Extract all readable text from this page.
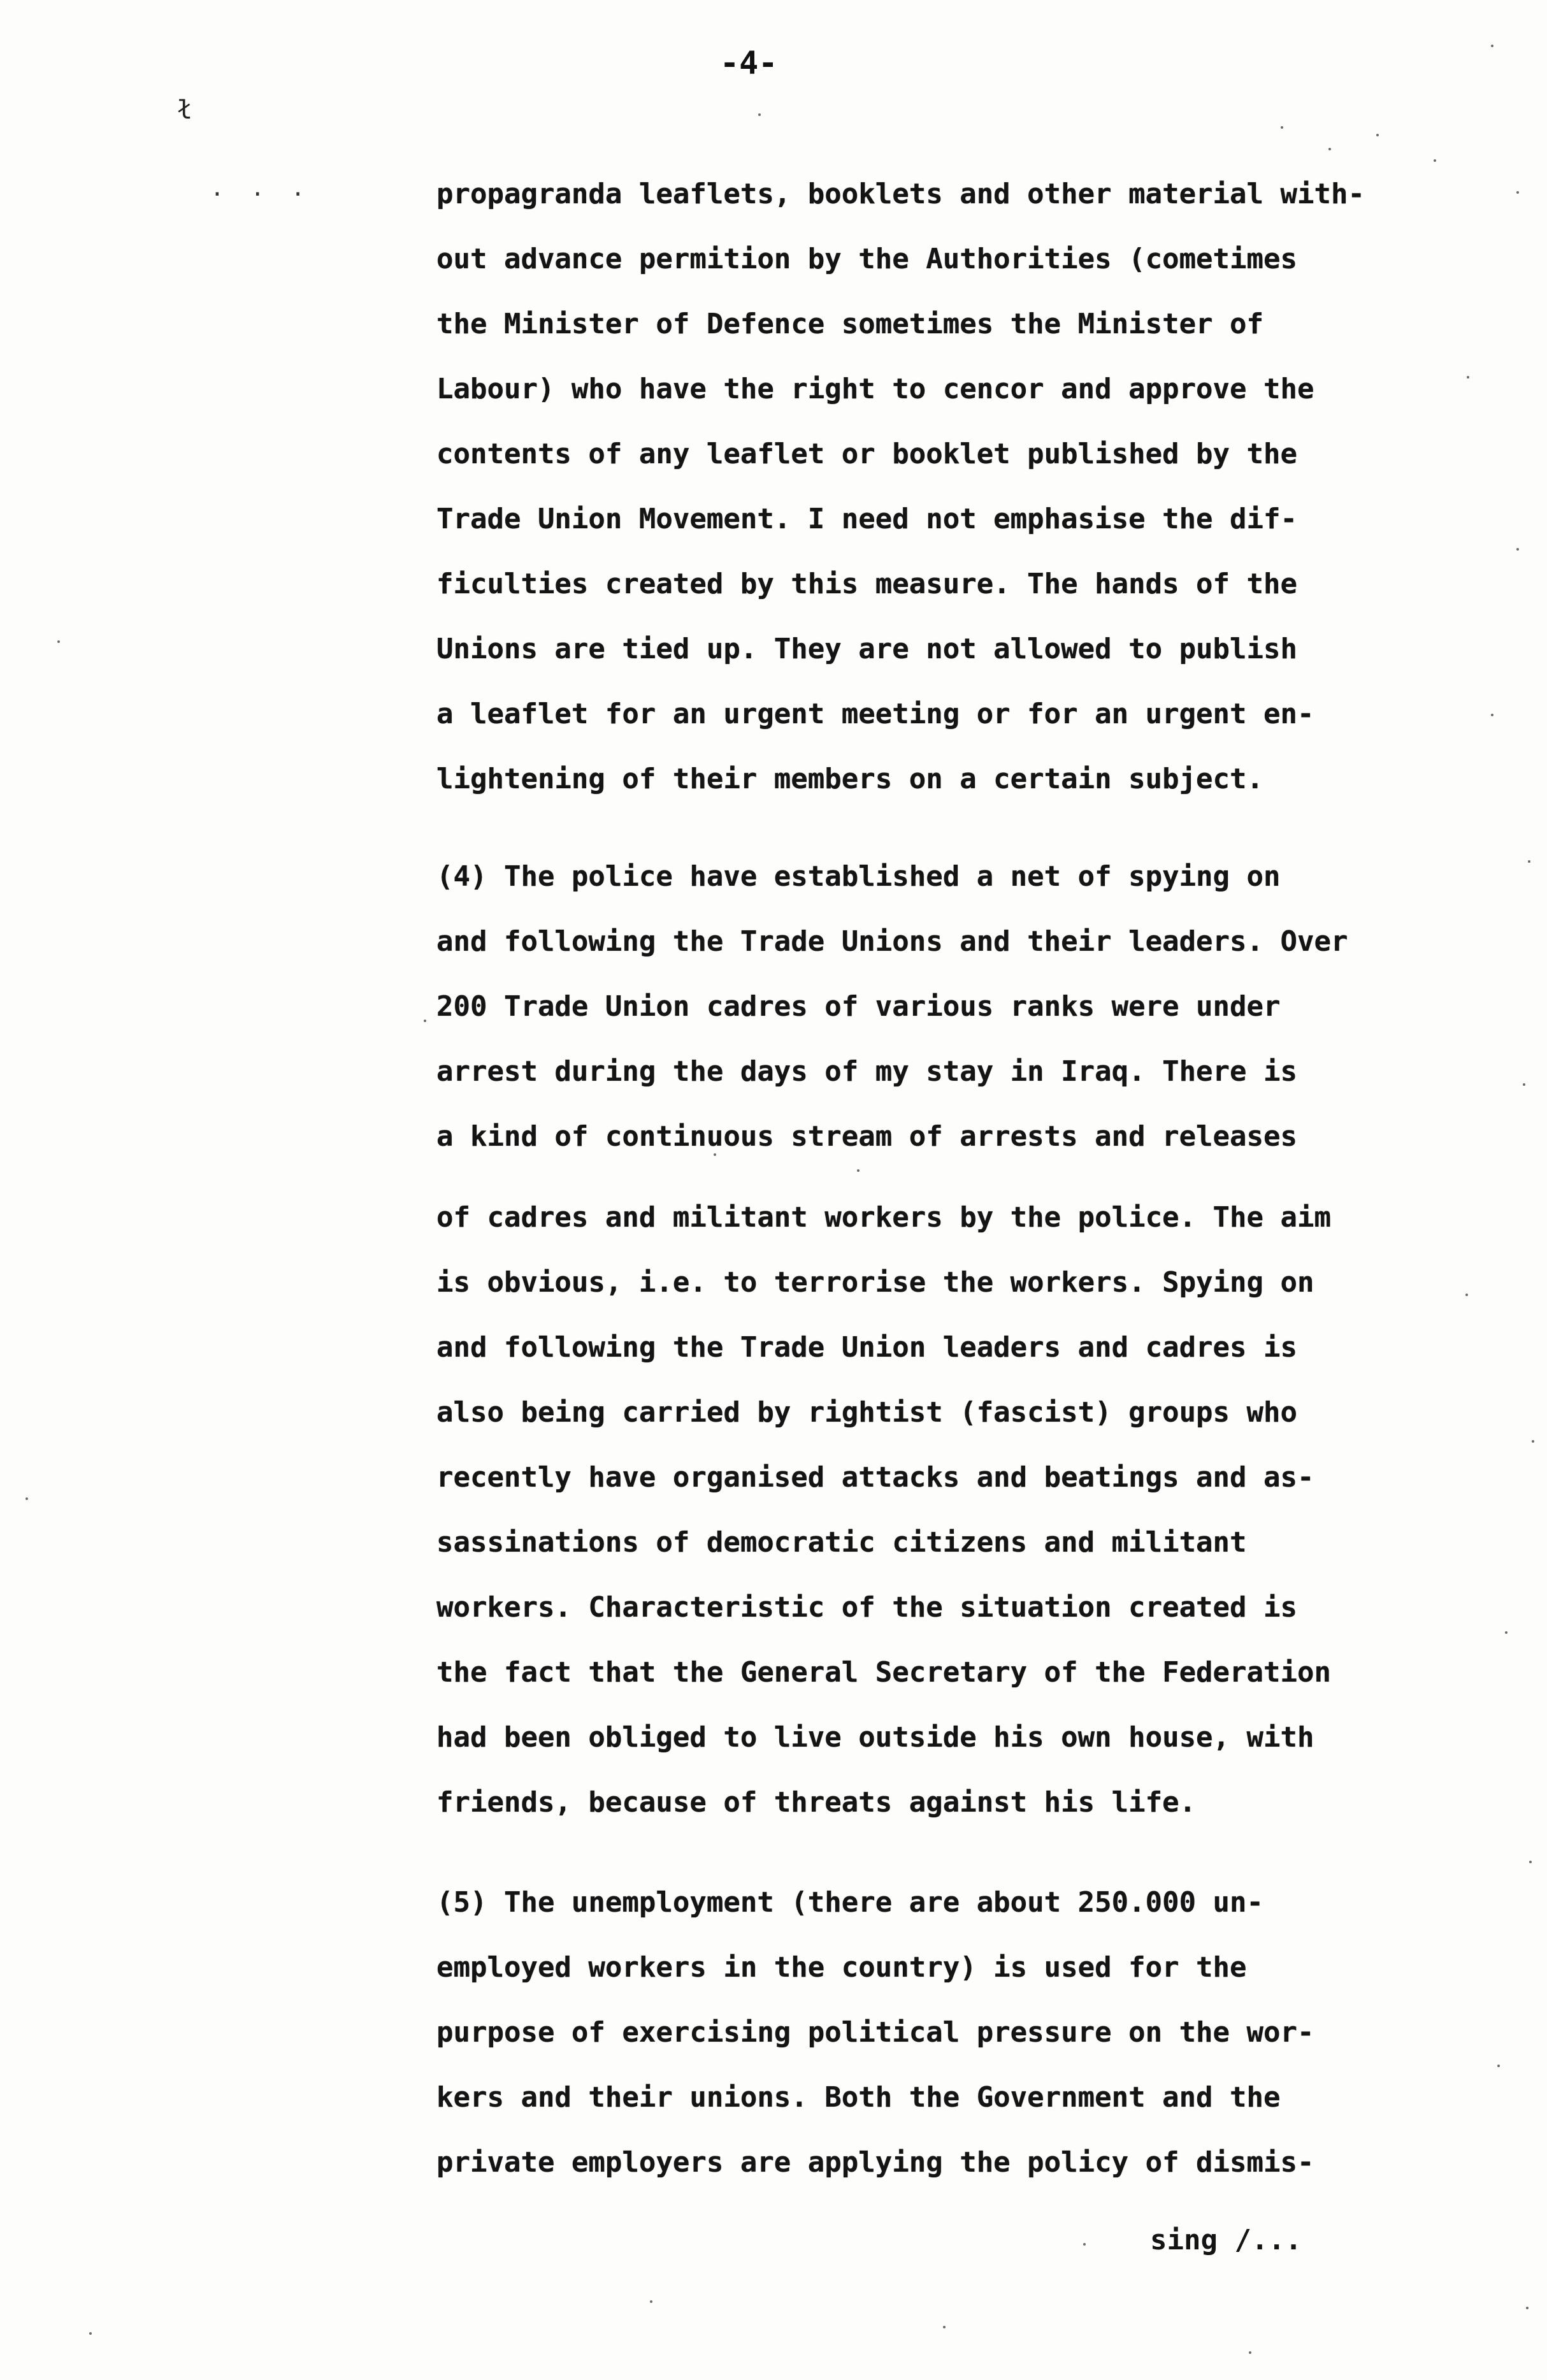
-4-
ł
. . .	propagranda leaflets, booklets and other material with-
out advance permition by the Authorities (cometimes
the Minister of Defence sometimes the Minister of
Labour) who have the right to cencor and approve the
contents of any leaflet or booklet published by the
Trade Union Movement. I need not emphasise the dif-
ficulties created by this measure. The hands of the
Unions are tied up. They are not allowed to publish
a leaflet for an urgent meeting or for an urgent en-
lightening of their members on a certain subject.

(4) The police have established a net of spying on
and following the Trade Unions and their leaders. Over
200 Trade Union cadres of various ranks were under
arrest during the days of my stay in Iraq. There is
a kind of continuous stream of arrests and releases

of cadres and militant workers by the police. The aim
is obvious, i.e. to terrorise the workers. Spying on
and following the Trade Union leaders and cadres is
also being carried by rightist (fascist) groups who
recently have organised attacks and beatings and as-
sassinations of democratic citizens and militant
workers. Characteristic of the situation created is
the fact that the General Secretary of the Federation
had been obliged to live outside his own house, with
friends, because of threats against his life.

(5) The unemployment (there are about 250.000 un-
employed workers in the country) is used for the
purpose of exercising political pressure on the wor-
kers and their unions. Both the Government and the
private employers are applying the policy of dismis-

sing /...
